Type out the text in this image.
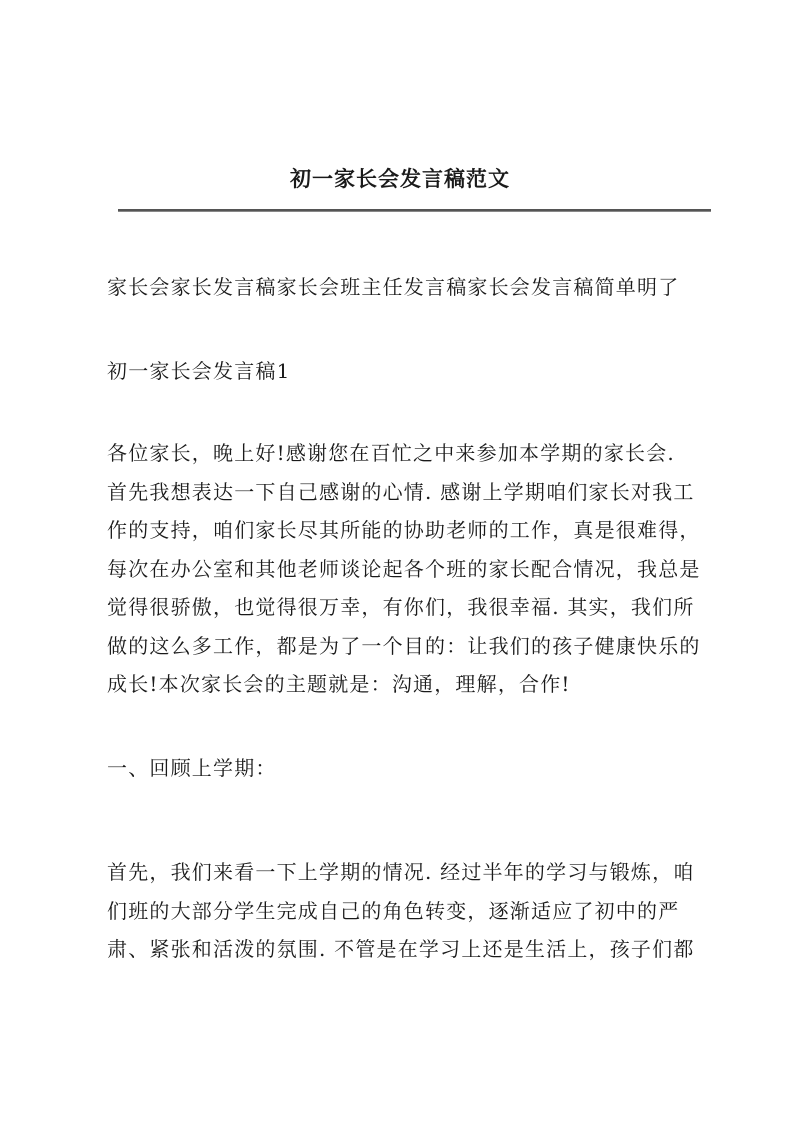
初一家长会发言稿范文

家长会家长发言稿家长会班主任发言稿家长会发言稿简单明了

初一家长会发言稿1

各位家长，晚上好!感谢您在百忙之中来参加本学期的家长会.
首先我想表达一下自己感谢的心情. 感谢上学期咱们家长对我工
作的支持，咱们家长尽其所能的协助老师的工作，真是很难得，
每次在办公室和其他老师谈论起各个班的家长配合情况，我总是
觉得很骄傲，也觉得很万幸，有你们，我很幸福. 其实，我们所
做的这么多工作，都是为了一个目的：让我们的孩子健康快乐的
成长!本次家长会的主题就是：沟通，理解，合作!

一、回顾上学期：

首先，我们来看一下上学期的情况. 经过半年的学习与锻炼，咱
们班的大部分学生完成自己的角色转变，逐渐适应了初中的严
肃、紧张和活泼的氛围. 不管是在学习上还是生活上，孩子们都
